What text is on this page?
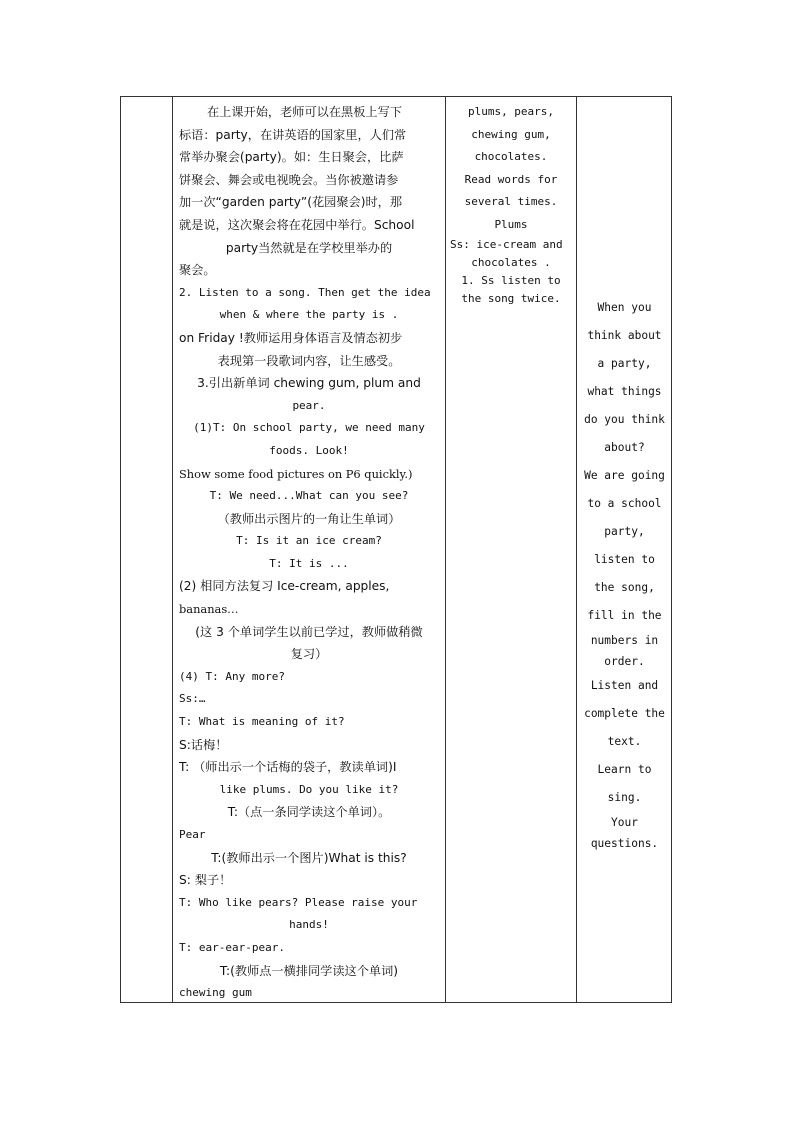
在上课开始，老师可以在黑板上写下
标语：party，在讲英语的国家里，人们常
常举办聚会(party)。如：生日聚会，比萨
饼聚会、舞会或电视晚会。当你被邀请参
加一次“garden party”(花园聚会)时，那
就是说，这次聚会将在花园中举行。School
party当然就是在学校里举办的
聚会。
2. Listen to a song. Then get the idea
when & where the party is .
on Friday !教师运用身体语言及情态初步
表现第一段歌词内容，让生感受。
3.引出新单词 chewing gum, plum and
pear.
(1)T: On school party, we need many
foods. Look!
Show some food pictures on P6 quickly.)
T: We need...What can you see?
（教师出示图片的一角让生单词）
T: Is it an ice cream?
T: It is ...
(2) 相同方法复习 Ice-cream, apples,
bananas…
(这 3 个单词学生以前已学过，教师做稍微
复习）
(4) T: Any more?
Ss:…
T: What is meaning of it?
S:话梅！
T: （师出示一个话梅的袋子，教读单词)I
like plums. Do you like it?
T:（点一条同学读这个单词）。
Pear
T:(教师出示一个图片)What is this?
S: 梨子！
T: Who like pears? Please raise your
hands!
T: ear-ear-pear.
T:(教师点一横排同学读这个单词)
chewing gum
plums, pears,
chewing gum,
chocolates.
Read words for
several times.
Plums
Ss: ice-cream and
chocolates .
1. Ss listen to
the song twice.
When you
think about
a party,
what things
do you think
about?
We are going
to a school
party,
listen to
the song,
fill in the
numbers in
order.
Listen and
complete the
text.
Learn to
sing.
Your
questions.
